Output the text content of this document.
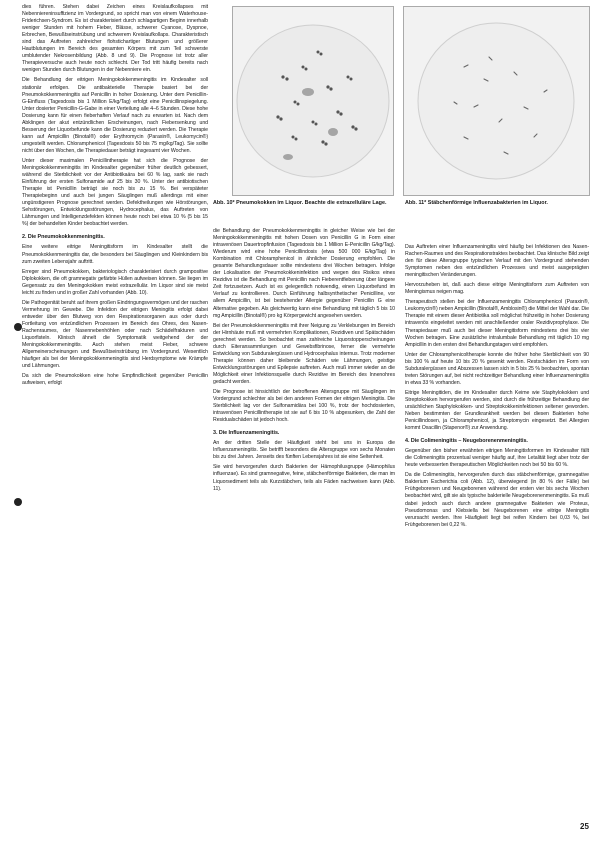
dies führen. Stehen dabei Zeichen eines Kreislaufkollapses mit Nebenniereninsuffizienz im Vordergrund, so spricht man von einem Waterhouse-Friderichsen-Syndrom. Es ist charakterisiert durch schlagartigen Beginn innerhalb weniger Stunden mit hohem Fieber, Blässe, schwerer Cyanose, Dyspnoe, Erbrechen, Bewußtseinstrübung und schwerem Kreislaufkollaps. Charakteristisch sind das Auftreten zahlreicher flohstichartiger Blutungen und größerer Hautblutungen im Bereich des gesamten Körpers mit zum Teil schwerste umblutender Nekrosenbildung (Abb. 8 und 9). Die Prognose ist trotz aller Therapieversuche auch heute noch schlecht. Der Tod tritt häufig bereits nach wenigen Stunden durch Blutungen in der Nebenniere ein.

Die Behandlung der eitrigen Meningokokkenmeningitis im Kindesalter soll stationär erfolgen. Die antibakterielle Therapie basiert bei der Pneumokokkenmeningitis auf Penicillin in hoher Dosierung. Unter dem Penicillin-G-Einfluss (Tagesdosis bis 1 Million E/kg/Tag) erfolgt eine Penicillinspiegelung. Unter dosierter Penicillin-G-Gabe in einer Verteilung alle 4–6 Stunden. Diese hohe Dosierung kann für einen fieberhaften Verlauf nach zu erwarten ist. Nach dem Abklingen der akut entzündlichen Erscheinungen, nach Fiebersenkung und Besserung der Liquorbefunde kann die Dosierung reduziert werden. Die Therapie kann auf Ampicillin (Binotal®) oder Erythromycin (Paraxin®, Leukomycin®) umgestellt werden. Chloramphenicol (Tagesdosis 50 bis 75 mg/kg/Tag). Sie sollte nicht über den Wochen, die Therapiedauer beträgt insgesamt vier Wochen.

Unter dieser maximalen Penicillintherapie hat sich die Prognose der Meningokokkenmeningitis im Kindesalter gegenüber früher deutlich gebessert, während die Sterblichkeit vor der Antibiotikaära bei 60 % lag, sank sie nach Einführung der ersten Sulfonamide auf 25 bis 30 %. Unter der antibiotischen Therapie ist Penicillin beträgt sie noch bis zu 15 %. Bei verspäteter Therapiebeginn und auch bei jungen Säuglingen muß allerdings mit einer ungünstigeren Prognose gerechnet werden. Defektheilungen wie Hörstörungen, Sehstörungen, Entwicklungsstörungen, Hydrocephalus, das Auftreten von Lähmungen und Intelligenzdefekten können heute noch bei etwa 10 % (5 bis 15 %) der behandelten Kinder beobachtet werden.

2. Die Pneumokokkenmeningitis.

Eine weitere eitrige Meningitisform im Kindesalter stellt die Pneumokokkenmeningitis dar, die besonders bei Säuglingen und Kleinkindern bis zum zweiten Lebensjahr auftritt.

Erreger sind Pneumokokken, bakteriologisch charakterisiert durch grampositive Diplokokken, die oft gramnegativ gefärbte Hüllen aufweisen können. Sie liegen im Gegensatz zu den Meningokokken meist extrazellulär. Im Liquor sind sie meist leicht zu finden und in großer Zahl vorhanden (Abb. 10).

Die Pathogenität beruht auf ihrem großen Eindringungsvermögen und der raschen Vermehrung im Gewebe. Die Infektion der eitrigen Meningitis erfolgt dabei entweder über den Blutweg von den Respirationsorganen aus oder durch Fortleitung von entzündlichen Prozessen im Bereich des Ohres, des Nasen-Rachenraumes, der Nasennebenhöhlen oder nach Schädelfrakturen und Liquorfisteln. Klinisch ähnelt die Symptomatik weitgehend der der Meningokokkenmeningitis. Auch stehen meist Fieber, schwere Allgemeinerscheinungen und Bewußtseinstrübung im Vordergrund. Wesentlich häufiger als bei der Meningokokkenmeningitis sind Herdsymptome wie Krämpfe und Lähmungen.

Da sich die Pneumokokken eine hohe Empfindlichkeit gegenüber Penicillin aufweisen, erfolgt

Abb. 10* Pneumokokken im Liquor. Beachte die extrazelluläre Lage.	Abb. 11* Stäbchenförmige Influenzabakterien im Liquor.

die Behandlung der Pneumokokkenmeningitis in gleicher Weise wie bei der Meningokokkenmeningitis mit hohen Dosen von Penicillin G in Form einer intravenösen Dauertropfinfusion (Tagesdosis bis 1 Million E-Penicillin G/kg/Tag). Wiederum wird eine hohe Penicillindosis (etwa 500 000 E/kg/Tag) in Kombination mit Chloramphenicol in ähnlicher Dosierung empfohlen. Die gesamte Behandlungsdauer sollte mindestens drei Wochen betragen. Infolge der Lokalisation der Pneumokokkeninfektion und wegen des Risikos eines Rezidivs ist die Behandlung mit Penicillin nach Fieberentfieberung über längere Zeit fortzusetzen. Auch ist es gelegentlich notwendig, einen Liquorbefund im Verlauf zu kontrollieren. Durch Einführung halbsynthetischer Penicilline, vor allem Ampicillin, ist bei bestehender Allergie gegenüber Penicillin G eine Alternative gegeben. Als gleichwertig kann eine Behandlung mit täglich 5 bis 10 mg Ampicillin (Binotal®) pro kg Körpergewicht angesehen werden.

Bei der Pneumokokkenmeningitis mit ihrer Neigung zu Verklebungen im Bereich der Hirnhäute muß mit vermehrten Komplikationen, Rezidiven und Spätschäden gerechnet werden. So beobachtet man zahlreiche Liquorstopperscheinungen durch Eiteransammlungen und Gewebsfibrinose, ferner die vermehrte Entwicklung von Subduralergüssen und Hydrocephalus internus. Trotz moderner Therapie können daher bleibende Schäden wie Lähmungen, geistige Entwicklungsstörungen und Epilepsie auftreten. Auch muß immer wieder an die Möglichkeit einer Infektionsquelle durch Rezidive im Bereich des Innenohres gedacht werden.

Die Prognose ist hinsichtlich der betroffenen Altersgruppe mit Säuglingen im Vordergrund schlechter als bei den anderen Formen der eitrigen Meningitis. Die Sterblichkeit lag vor der Sulfonamidära bei 100 %, trotz der hochdosierten, intravenösen Penicillintherapie ist sie auf 6 bis 10 % abgesunken, die Zahl der Residualschäden ist jedoch hoch.

3. Die Influenzameningitis.

An der dritten Stelle der Häufigkeit steht bei uns in Europa die Influenzameningitis. Sie betrifft besonders die Altersgruppe von sechs Monaten bis zu drei Jahren. Jenseits des fünften Lebensjahres ist sie eine Seltenheit.

Sie wird hervorgerufen durch Bakterien der Hämophilusgruppe (Hämophilus influenzae). Es sind gramnegative, feine, stäbchenförmige Bakterien, die man im Liquorsediment teils als Kurzstäbchen, teils als Fäden nachweisen kann (Abb. 11).

Das Auftreten einer Influenzameningitis wird häufig bei Infektionen des Nasen-Rachen-Raumes und des Respirationstraktes beobachtet. Das klinische Bild zeigt den für diese Altersgruppe typischen Verlauf mit den Vordergrund stehenden Symptomen neben des entzündlichen Prozesses und meist ausgeprägten meningitischen Veränderungen.

Hervorzuheben ist, daß auch diese eitrige Meningitisform zum Auftreten von Meningismus neigen mag.

Therapeutisch stellen bei der Influenzameningitis Chloramphenicol (Paraxin®, Leukomycin®) neben Ampicillin (Binotal®, Amblosin®) die Mittel der Wahl dar. Die Therapie mit einem dieser Antibiotika soll möglichst frühzeitig in hoher Dosierung intravenös eingeleitet werden mit anschließender oraler Rezidivprophylaxe. Die Therapiedauer muß auch bei dieser Meningitisform mindestens drei bis vier Wochen betragen. Eine zusätzliche intralumbale Behandlung mit täglich 10 mg Ampicillin in den ersten drei Behandlungstagen wird empfohlen.

Unter der Chloramphenicoltherapie konnte die früher hohe Sterblichkeit von 90 bis 100 % auf heute 10 bis 20 % gesenkt werden. Restschäden im Form von Subduralergüssen und Abszessen lassen sich in 5 bis 25 % beobachten, spontan treten Störungen auf, bei nicht rechtzeitiger Behandlung einer Influenzameningitis in etwa 33 % vorhanden.

Eitrige Meningitiden, die im Kindesalter durch Keime wie Staphylokokken und Streptokokken hervorgerufen werden, sind durch die frühzeitige Behandlung der ursächlichen Staphylokokken- und Streptokokkeninfektionen seltener geworden. Neben bestimmten der Grundkrankheit werden bei diesen Bakterien hohe Penicillindosen, ja Chloramphenicol, ja Streptomycin eingesetzt. Bei Allergien kommt Oxacillin (Stapenor®) zur Anwendung.

4. Die Colimeningitis – Neugeborenenmeningitis.

Gegenüber den bisher erwähnten eitrigen Meningitisformen im Kindesalter fällt die Colimeningitis prozentual weniger häufig auf, ihre Letalität liegt aber trotz der heute verbesserten therapeutischen Möglichkeiten noch bei 50 bis 60 %.

Da die Colimeningitis, hervorgerufen durch das stäbchenförmige, gramnegative Bakterium Escherichia coli (Abb. 12), überwiegend (in 80 % der Fälle) bei Frühgeborenen und Neugeborenen während der ersten vier bis sechs Wochen beobachtet wird, gilt sie als typische bakterielle Neugeborenenmeningitis. Es muß dabei jedoch auch durch andere gramnegative Bakterien wie Proteus, Pseudomonas und Klebsiella bei Neugeborenen eine eitrige Meningitis verursacht werden. Ihre Häufigkeit liegt bei reifen Kindern bei 0,03 %, bei Frühgeborenen bei 0,22 %.

25
